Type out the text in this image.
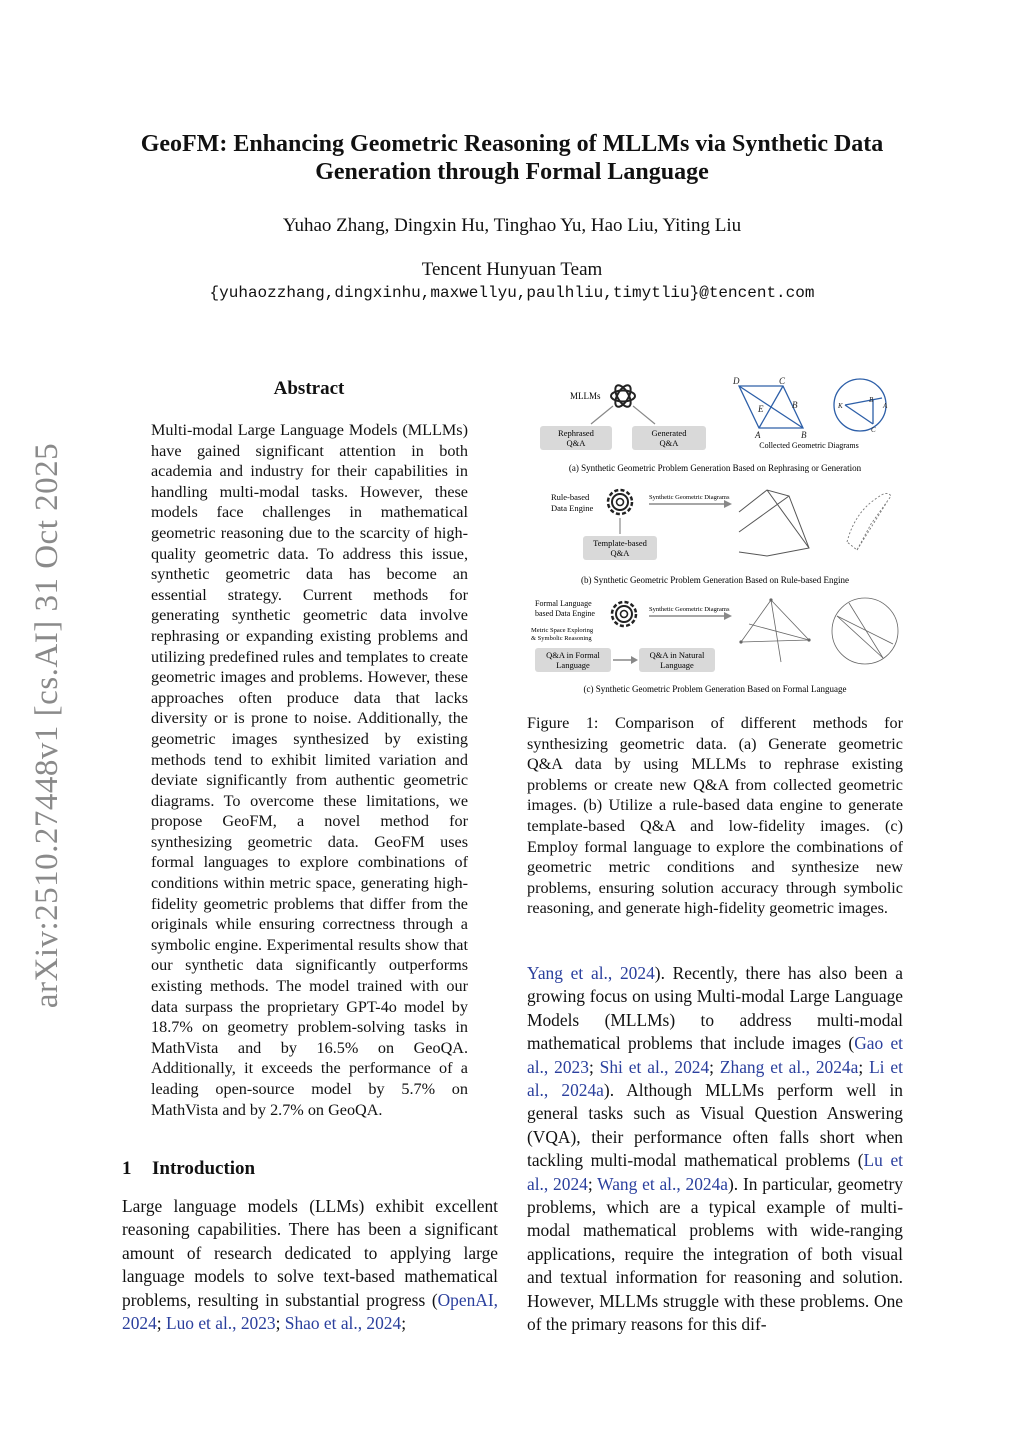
arXiv:2510.27448v1 [cs.AI] 31 Oct 2025
GeoFM: Enhancing Geometric Reasoning of MLLMs via Synthetic Data Generation through Formal Language
Yuhao Zhang, Dingxin Hu, Tinghao Yu, Hao Liu, Yiting Liu
Tencent Hunyuan Team
{yuhaozzhang,dingxinhu,maxwellyu,paulhliu,timytliu}@tencent.com
Abstract

Multi-modal Large Language Models (MLLMs) have gained significant attention in both academia and industry for their capabilities in handling multi-modal tasks. However, these models face challenges in mathematical geometric reasoning due to the scarcity of high-quality geometric data. To address this issue, synthetic geometric data has become an essential strategy. Current methods for generating synthetic geometric data involve rephrasing or expanding existing problems and utilizing predefined rules and templates to create geometric images and problems. However, these approaches often produce data that lacks diversity or is prone to noise. Additionally, the geometric images synthesized by existing methods tend to exhibit limited variation and deviate significantly from authentic geometric diagrams. To overcome these limitations, we propose GeoFM, a novel method for synthesizing geometric data. GeoFM uses formal languages to explore combinations of conditions within metric space, generating high-fidelity geometric problems that differ from the originals while ensuring correctness through a symbolic engine. Experimental results show that our synthetic data significantly outperforms existing methods. The model trained with our data surpass the proprietary GPT-4o model by 18.7% on geometry problem-solving tasks in MathVista and by 16.5% on GeoQA. Additionally, it exceeds the performance of a leading open-source model by 5.7% on MathVista and by 2.7% on GeoQA.

1 Introduction

Large language models (LLMs) exhibit excellent reasoning capabilities. There has been a significant amount of research dedicated to applying large language models to solve text-based mathematical problems, resulting in substantial progress (OpenAI, 2024; Luo et al., 2023; Shao et al., 2024;

MLLMs
Rephrased
Q&A
Generated
Q&A
D	C
E	B
A	B
B
K	A
C
Collected Geometric Diagrams
(a) Synthetic Geometric Problem Generation Based on Rephrasing or Generation
Rule-based
Data Engine
Synthetic Geometric Diagrams
Template-based
Q&A
(b) Synthetic Geometric Problem Generation Based on Rule-based Engine
Formal Language
based Data Engine
Metric Space Exploring
& Symbolic Reasoning
Synthetic Geometric Diagrams
Q&A in Formal
Language
Q&A in Natural
Language
(c) Synthetic Geometric Problem Generation Based on Formal Language

Figure 1: Comparison of different methods for synthesizing geometric data. (a) Generate geometric Q&A data by using MLLMs to rephrase existing problems or create new Q&A from collected geometric images. (b) Utilize a rule-based data engine to generate template-based Q&A and low-fidelity images. (c) Employ formal language to explore the combinations of geometric metric conditions and synthesize new problems, ensuring solution accuracy through symbolic reasoning, and generate high-fidelity geometric images.

Yang et al., 2024). Recently, there has also been a growing focus on using Multi-modal Large Language Models (MLLMs) to address multi-modal mathematical problems that include images (Gao et al., 2023; Shi et al., 2024; Zhang et al., 2024a; Li et al., 2024a). Although MLLMs perform well in general tasks such as Visual Question Answering (VQA), their performance often falls short when tackling multi-modal mathematical problems (Lu et al., 2024; Wang et al., 2024a). In particular, geometry problems, which are a typical example of multi-modal mathematical problems with wide-ranging applications, require the integration of both visual and textual information for reasoning and solution. However, MLLMs struggle with these problems. One of the primary reasons for this dif-
